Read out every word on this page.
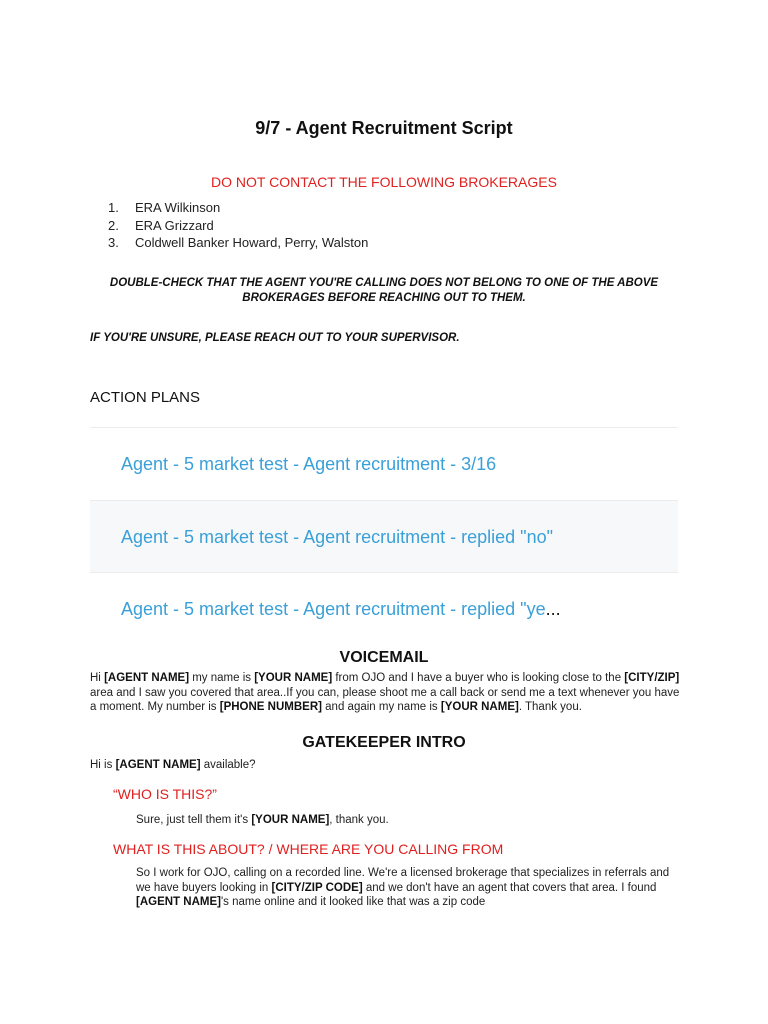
9/7 - Agent Recruitment Script
DO NOT CONTACT THE FOLLOWING BROKERAGES
1. ERA Wilkinson
2. ERA Grizzard
3. Coldwell Banker Howard, Perry, Walston
DOUBLE-CHECK THAT THE AGENT YOU'RE CALLING DOES NOT BELONG TO ONE OF THE ABOVE BROKERAGES BEFORE REACHING OUT TO THEM.
IF YOU'RE UNSURE, PLEASE REACH OUT TO YOUR SUPERVISOR.
ACTION PLANS
Agent - 5 market test - Agent recruitment - 3/16
Agent - 5 market test - Agent recruitment - replied "no"
Agent - 5 market test - Agent recruitment - replied "ye...
VOICEMAIL
Hi [AGENT NAME] my name is [YOUR NAME] from OJO and I have a buyer who is looking close to the [CITY/ZIP] area and I saw you covered that area..If you can, please shoot me a call back or send me a text whenever you have a moment. My number is [PHONE NUMBER] and again my name is [YOUR NAME]. Thank you.
GATEKEEPER INTRO
Hi is [AGENT NAME] available?
“WHO IS THIS?”
Sure, just tell them it's [YOUR NAME], thank you.
WHAT IS THIS ABOUT? / WHERE ARE YOU CALLING FROM
So I work for OJO, calling on a recorded line. We're a licensed brokerage that specializes in referrals and we have buyers looking in [CITY/ZIP CODE] and we don't have an agent that covers that area. I found [AGENT NAME]'s name online and it looked like that was a zip code
